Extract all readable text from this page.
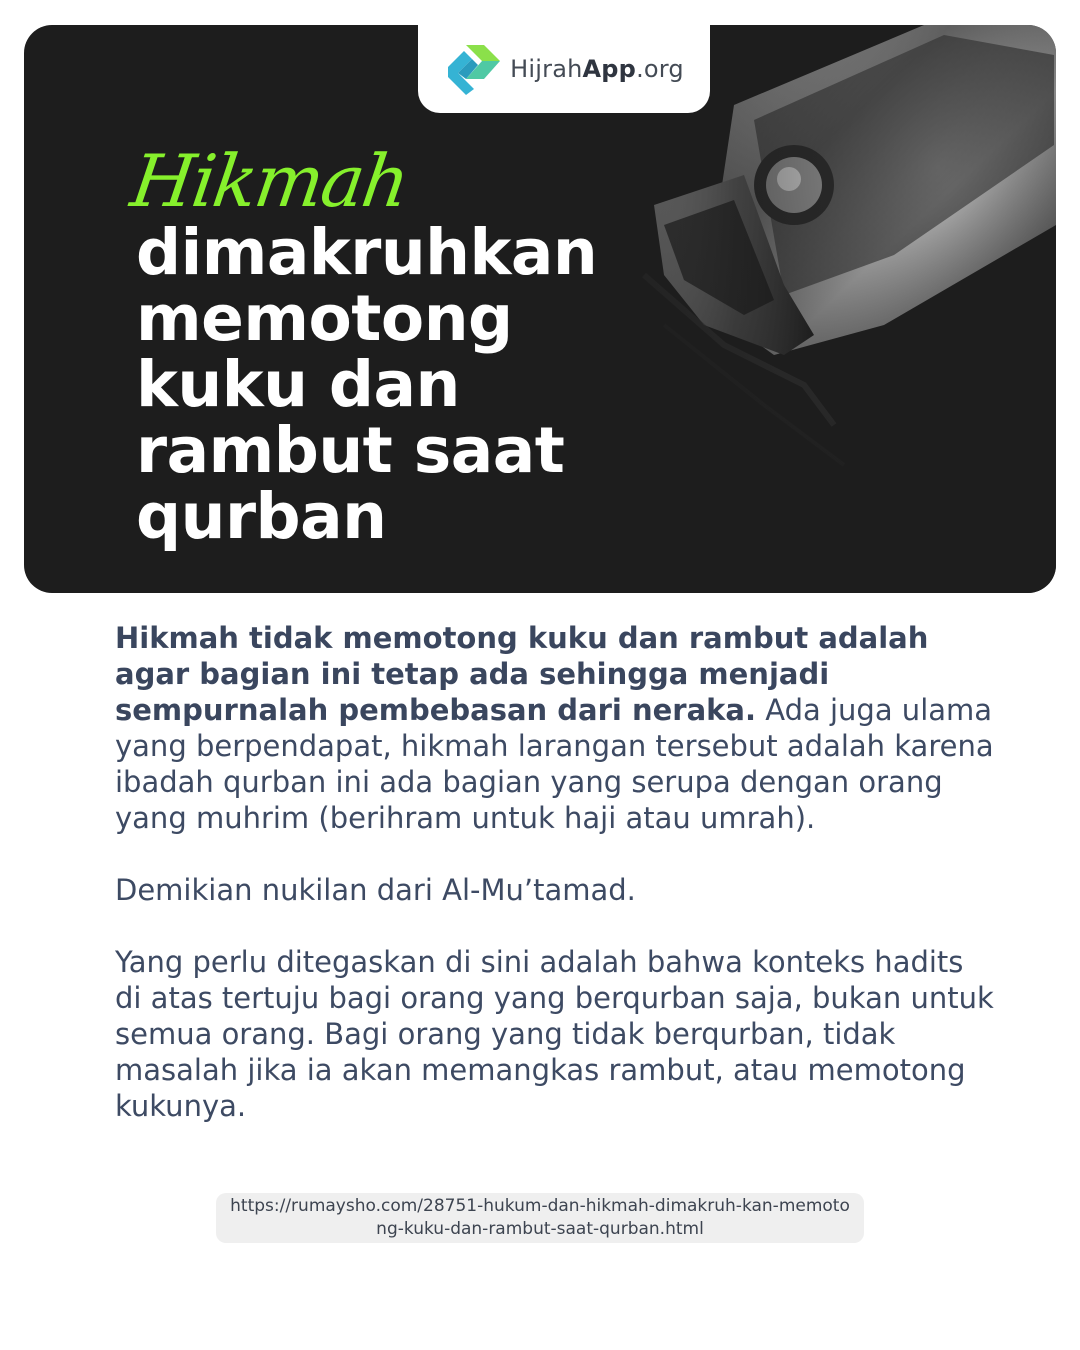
HijrahApp.org
Hikmah
dimakruhkan
memotong
kuku dan
rambut saat
qurban

Hikmah tidak memotong kuku dan rambut adalah agar bagian ini tetap ada sehingga menjadi sempurnalah pembebasan dari neraka. Ada juga ulama yang berpendapat, hikmah larangan tersebut adalah karena ibadah qurban ini ada bagian yang serupa dengan orang yang muhrim (berihram untuk haji atau umrah).

Demikian nukilan dari Al-Mu’tamad.

Yang perlu ditegaskan di sini adalah bahwa konteks hadits di atas tertuju bagi orang yang berqurban saja, bukan untuk semua orang. Bagi orang yang tidak berqurban, tidak masalah jika ia akan memangkas rambut, atau memotong kukunya.

https://rumaysho.com/28751-hukum-dan-hikmah-dimakruh-kan-memotong-kuku-dan-rambut-saat-qurban.html
